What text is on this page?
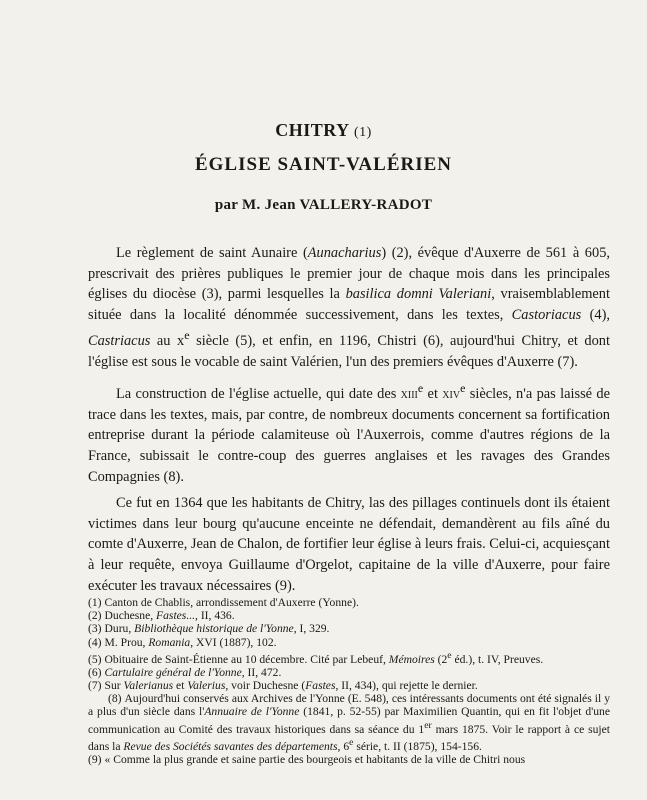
CHITRY (1)
ÉGLISE SAINT-VALÉRIEN
par M. Jean VALLERY-RADOT

Le règlement de saint Aunaire (Aunacharius) (2), évêque d'Auxerre de 561 à 605, prescrivait des prières publiques le premier jour de chaque mois dans les principales églises du diocèse (3), parmi lesquelles la basilica domni Valeriani, vraisemblablement située dans la localité dénommée successivement, dans les textes, Castoriacus (4), Castriacus au $x^e$ siècle (5), et enfin, en 1196, Chistri (6), aujourd'hui Chitry, et dont l'église est sous le vocable de saint Valérien, l'un des premiers évêques d'Auxerre (7).

La construction de l'église actuelle, qui date des xiii$^e$ et xiv$^e$ siècles, n'a pas laissé de trace dans les textes, mais, par contre, de nombreux documents concernent sa fortification entreprise durant la période calamiteuse où l'Auxerrois, comme d'autres régions de la France, subissait le contre-coup des guerres anglaises et les ravages des Grandes Compagnies (8).

Ce fut en 1364 que les habitants de Chitry, las des pillages continuels dont ils étaient victimes dans leur bourg qu'aucune enceinte ne défendait, demandèrent au fils aîné du comte d'Auxerre, Jean de Chalon, de fortifier leur église à leurs frais. Celui-ci, acquiesçant à leur requête, envoya Guillaume d'Orgelot, capitaine de la ville d'Auxerre, pour faire exécuter les travaux nécessaires (9).

(1) Canton de Chablis, arrondissement d'Auxerre (Yonne).

(2) Duchesne, Fastes..., II, 436.

(3) Duru, Bibliothèque historique de l'Yonne, I, 329.

(4) M. Prou, Romania, XVI (1887), 102.

(5) Obituaire de Saint-Étienne au 10 décembre. Cité par Lebeuf, Mémoires (2e éd.), t. IV, Preuves.

(6) Cartulaire général de l'Yonne, II, 472.

(7) Sur Valerianus et Valerius, voir Duchesne (Fastes, II, 434), qui rejette le dernier.

(8) Aujourd'hui conservés aux Archives de l'Yonne (E. 548), ces intéressants documents ont été signalés il y a plus d'un siècle dans l'Annuaire de l'Yonne (1841, p. 52-55) par Maximilien Quantin, qui en fit l'objet d'une communication au Comité des travaux historiques dans sa séance du 1er mars 1875. Voir le rapport à ce sujet dans la Revue des Sociétés savantes des départements, 6e série, t. II (1875), 154-156.

(9) « Comme la plus grande et saine partie des bourgeois et habitants de la ville de Chitri nous
